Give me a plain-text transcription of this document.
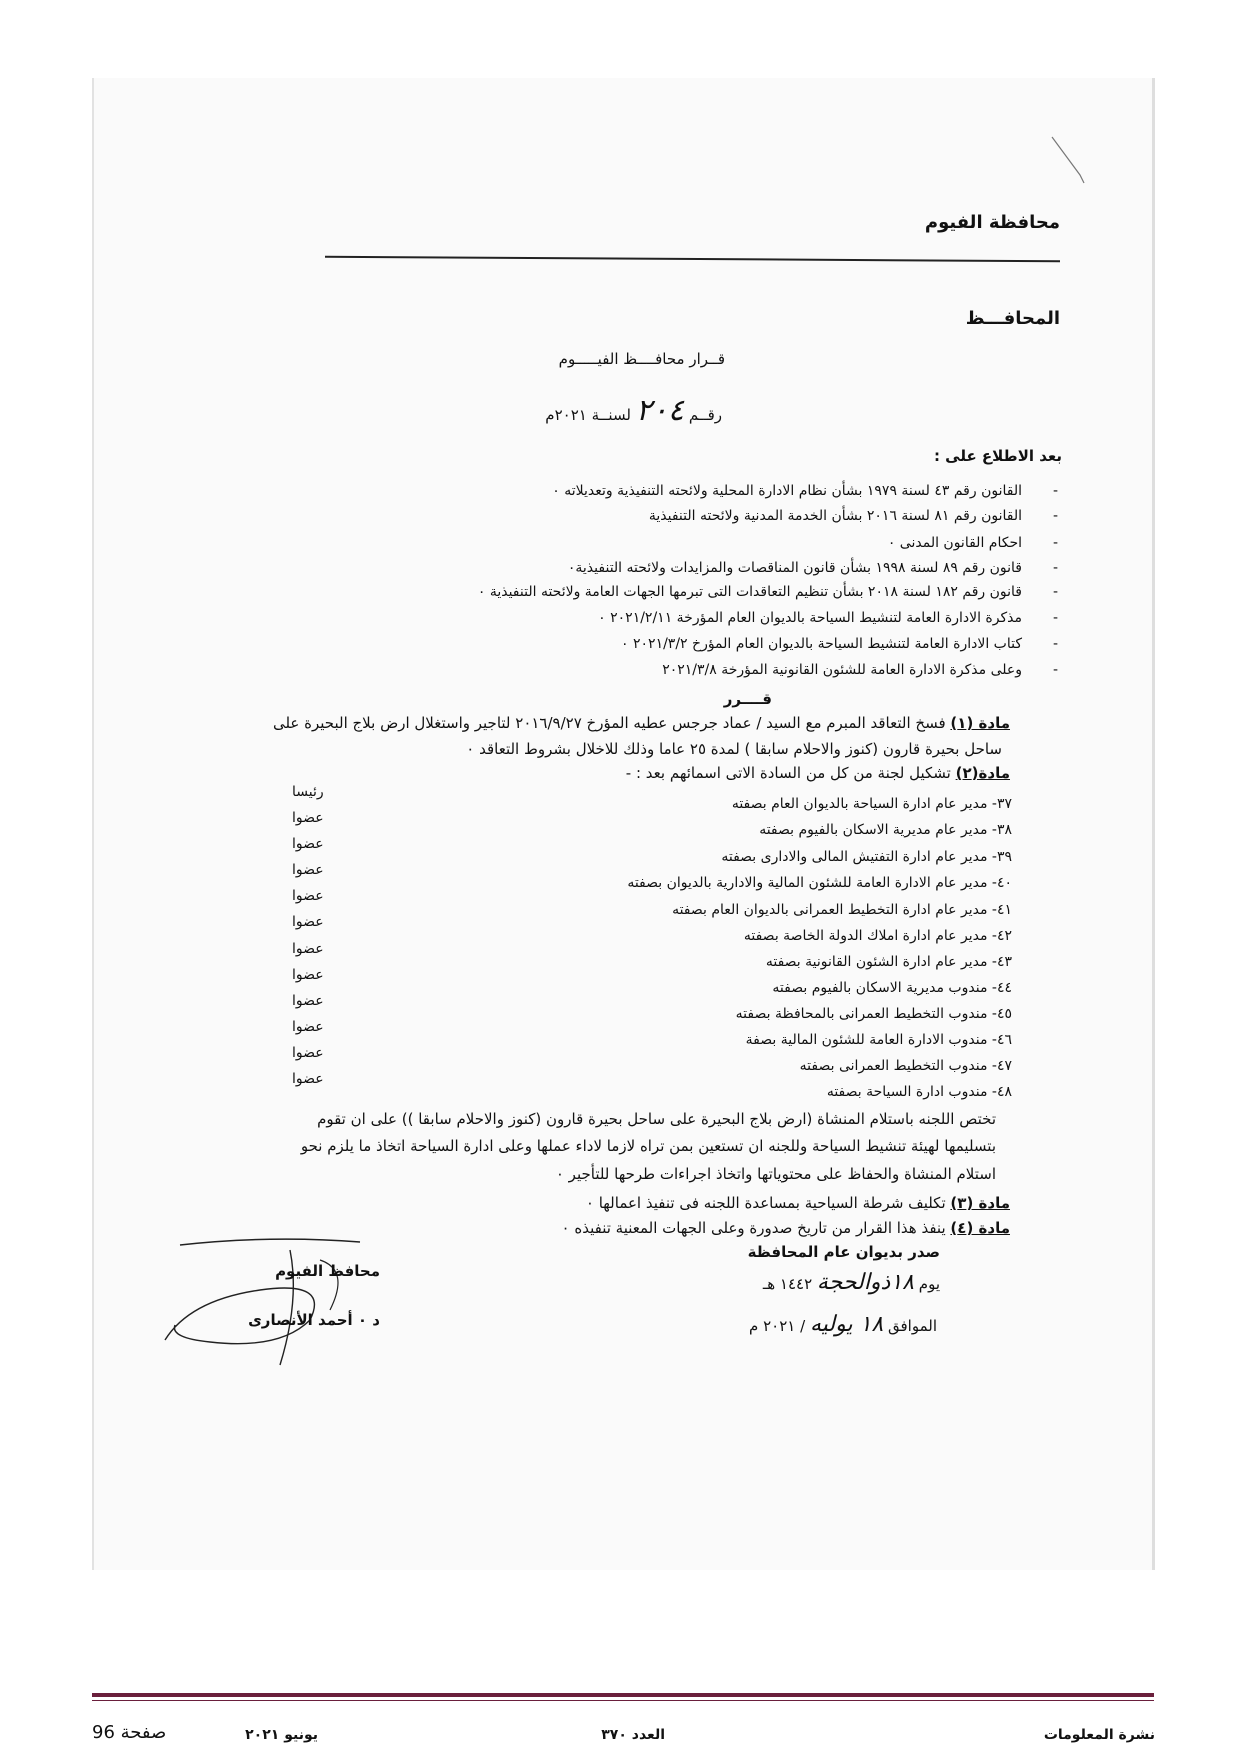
محافظة الفيوم
المحافـــظ
قــرار محافــــظ الفيـــــوم
رقــم ٢٠٤ لسنــة ٢٠٢١م
بعد الاطلاع على :
- القانون رقم ٤٣ لسنة ١٩٧٩ بشأن نظام الادارة المحلية ولائحته التنفيذية وتعديلاته ٠
- القانون رقم ٨١ لسنة ٢٠١٦ بشأن الخدمة المدنية ولائحته التنفيذية
- احكام القانون المدنى ٠
- قانون رقم ٨٩ لسنة ١٩٩٨ بشأن قانون المناقصات والمزايدات ولائحته التنفيذية٠
- قانون رقم ١٨٢ لسنة ٢٠١٨ بشأن تنظيم التعاقدات التى تبرمها الجهات العامة ولائحته التنفيذية ٠
- مذكرة الادارة العامة لتنشيط السياحة بالديوان العام المؤرخة ٢٠٢١/٢/١١ ٠
- كتاب الادارة العامة لتنشيط السياحة بالديوان العام المؤرخ ٢٠٢١/٣/٢ ٠
- وعلى مذكرة الادارة العامة للشئون القانونية المؤرخة ٢٠٢١/٣/٨
قــــرر
مادة (١) فسخ التعاقد المبرم مع السيد / عماد جرجس عطيه المؤرخ ٢٠١٦/٩/٢٧ لتاجير واستغلال ارض بلاج البحيرة على
ساحل بحيرة قارون (كنوز والاحلام سابقا ) لمدة ٢٥ عاما وذلك للاخلال بشروط التعاقد ٠
مادة(٢) تشكيل لجنة من كل من السادة الاتى اسمائهم بعد : -
٣٧- مدير عام ادارة السياحة بالديوان العام بصفته
رئيسا
٣٨- مدير عام مديرية الاسكان بالفيوم بصفته
عضوا
٣٩- مدير عام ادارة التفتيش المالى والادارى بصفته
عضوا
٤٠- مدير عام الادارة العامة للشئون المالية والادارية بالديوان بصفته
عضوا
٤١- مدير عام ادارة التخطيط العمرانى بالديوان العام بصفته
عضوا
٤٢- مدير عام ادارة املاك الدولة الخاصة بصفته
عضوا
٤٣- مدير عام ادارة الشئون القانونية بصفته
عضوا
٤٤- مندوب مديرية الاسكان بالفيوم بصفته
عضوا
٤٥- مندوب التخطيط العمرانى بالمحافظة بصفته
عضوا
٤٦- مندوب الادارة العامة للشئون المالية بصفة
عضوا
٤٧- مندوب التخطيط العمرانى بصفته
عضوا
٤٨- مندوب ادارة السياحة بصفته
عضوا
تختص اللجنه باستلام المنشاة (ارض بلاج البحيرة على ساحل بحيرة قارون (كنوز والاحلام سابقا )) على ان تقوم
بتسليمها لهيئة تنشيط السياحة وللجنه ان تستعين بمن تراه لازما لاداء عملها وعلى ادارة السياحة اتخاذ ما يلزم نحو
استلام المنشاة والحفاظ على محتوياتها واتخاذ اجراءات طرحها للتأجير ٠
مادة (٣) تكليف شرطة السياحية بمساعدة اللجنه فى تنفيذ اعمالها ٠
مادة (٤) ينفذ هذا القرار من تاريخ صدورة وعلى الجهات المعنية تنفيذه ٠
صدر بديوان عام المحافظة
يوم ١٨ذوالحجة ١٤٤٢ هـ
الموافق ١٨ يوليه / ٢٠٢١ م
محافظ الفيوم
د ٠ أحمد الأنصارى
نشرة المعلومات
العدد ٣٧٠
يونيو ٢٠٢١
صفحة 96
